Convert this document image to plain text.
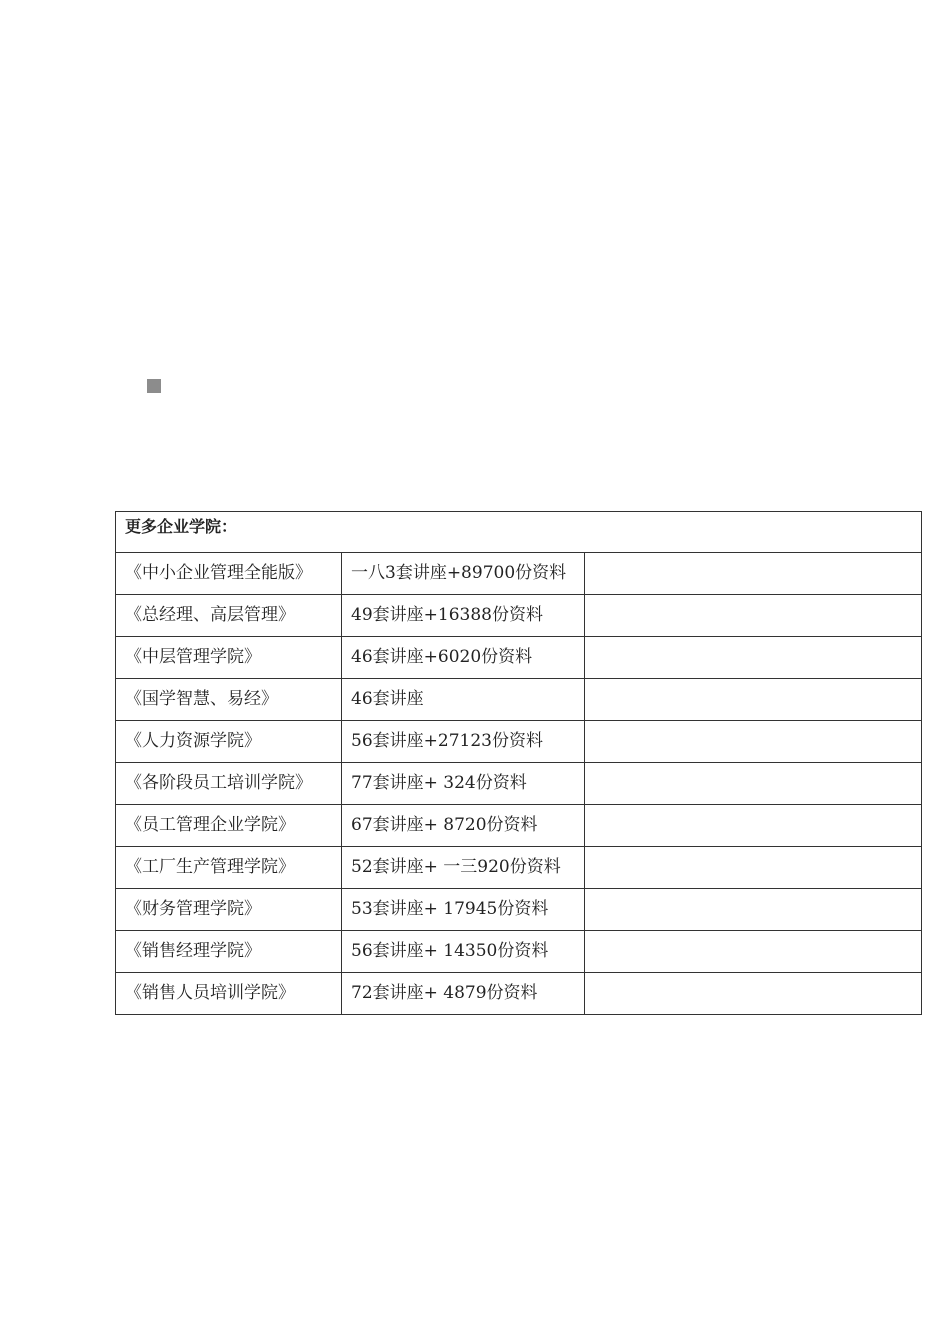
更多企业学院：		
《中小企业管理全能版》	一八3套讲座+89700份资料	
《总经理、高层管理》	49套讲座+16388份资料	
《中层管理学院》	46套讲座+6020份资料	
《国学智慧、易经》	46套讲座	
《人力资源学院》	56套讲座+27123份资料	
《各阶段员工培训学院》	77套讲座+ 324份资料	
《员工管理企业学院》	67套讲座+ 8720份资料	
《工厂生产管理学院》	52套讲座+ 一三920份资料	
《财务管理学院》	53套讲座+ 17945份资料	
《销售经理学院》	56套讲座+ 14350份资料	
《销售人员培训学院》	72套讲座+ 4879份资料	
